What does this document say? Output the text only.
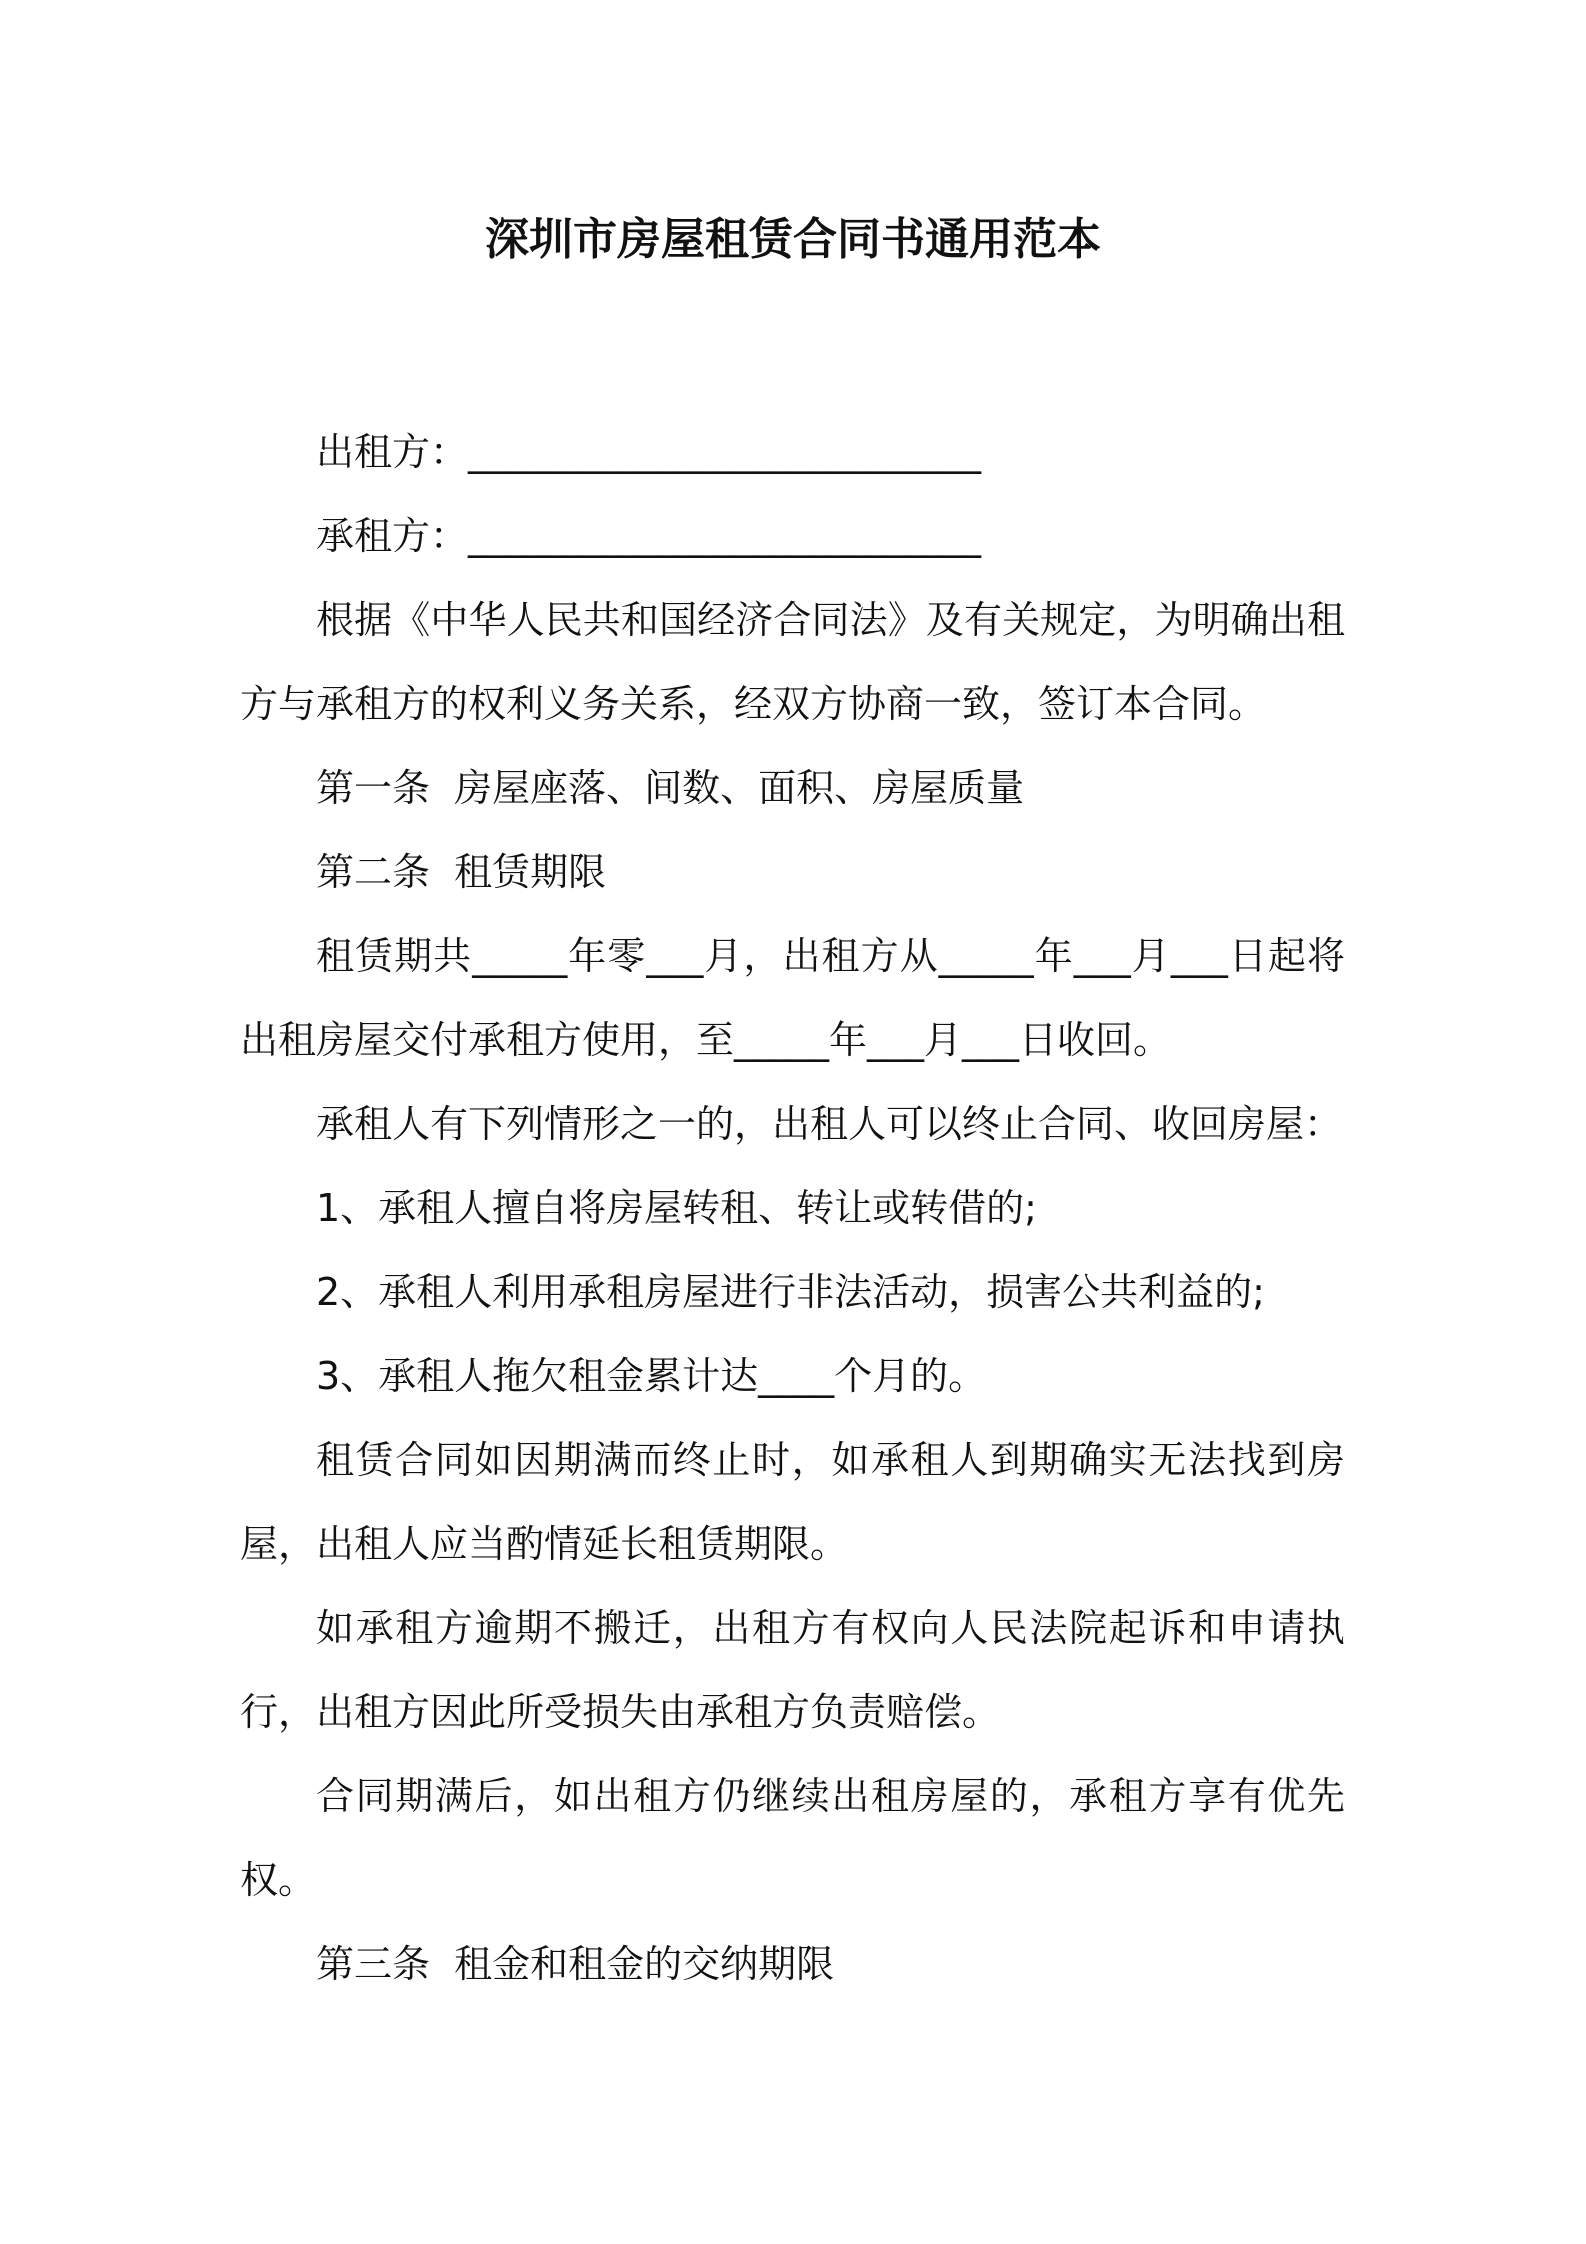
深圳市房屋租赁合同书通用范本

出租方：___________________________

承租方：___________________________

根据《中华人民共和国经济合同法》及有关规定，为明确出租方与承租方的权利义务关系，经双方协商一致，签订本合同。

第一条  房屋座落、间数、面积、房屋质量

第二条  租赁期限

租赁期共_____年零___月，出租方从_____年___月___日起将出租房屋交付承租方使用，至_____年___月___日收回。

承租人有下列情形之一的，出租人可以终止合同、收回房屋：

1、承租人擅自将房屋转租、转让或转借的;

2、承租人利用承租房屋进行非法活动，损害公共利益的;

3、承租人拖欠租金累计达____个月的。

租赁合同如因期满而终止时，如承租人到期确实无法找到房屋，出租人应当酌情延长租赁期限。

如承租方逾期不搬迁，出租方有权向人民法院起诉和申请执行，出租方因此所受损失由承租方负责赔偿。

合同期满后，如出租方仍继续出租房屋的，承租方享有优先权。

第三条  租金和租金的交纳期限
